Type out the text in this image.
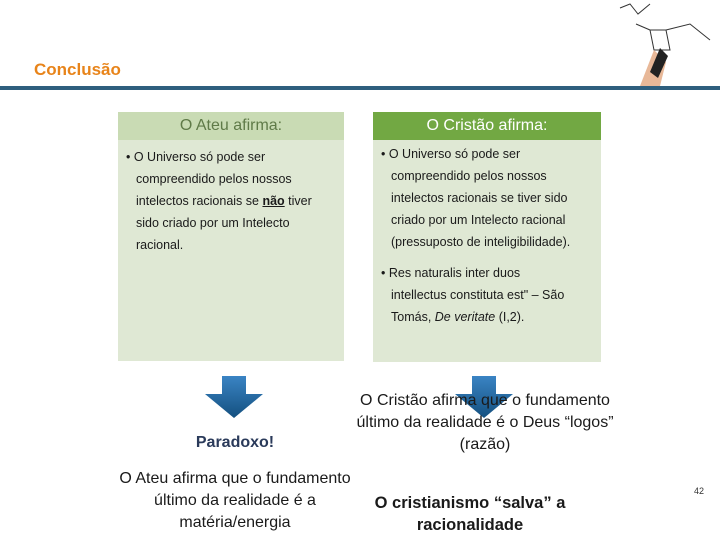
Conclusão
O Ateu afirma:
• O Universo só pode ser
compreendido pelos nossos
intelectos racionais se não tiver
sido criado por um Intelecto
racional.
O Cristão afirma:
• O Universo só pode ser
compreendido pelos nossos
intelectos racionais se tiver sido
criado por um Intelecto racional
(pressuposto de inteligibilidade).
• Res naturalis inter duos
intellectus constituta est" – São
Tomás, De veritate (I,2).
Paradoxo!
O Ateu afirma que o fundamento último da realidade é a matéria/energia
O Cristão afirma que o fundamento último da realidade é o Deus “logos” (razão)
O cristianismo “salva” a racionalidade
42
